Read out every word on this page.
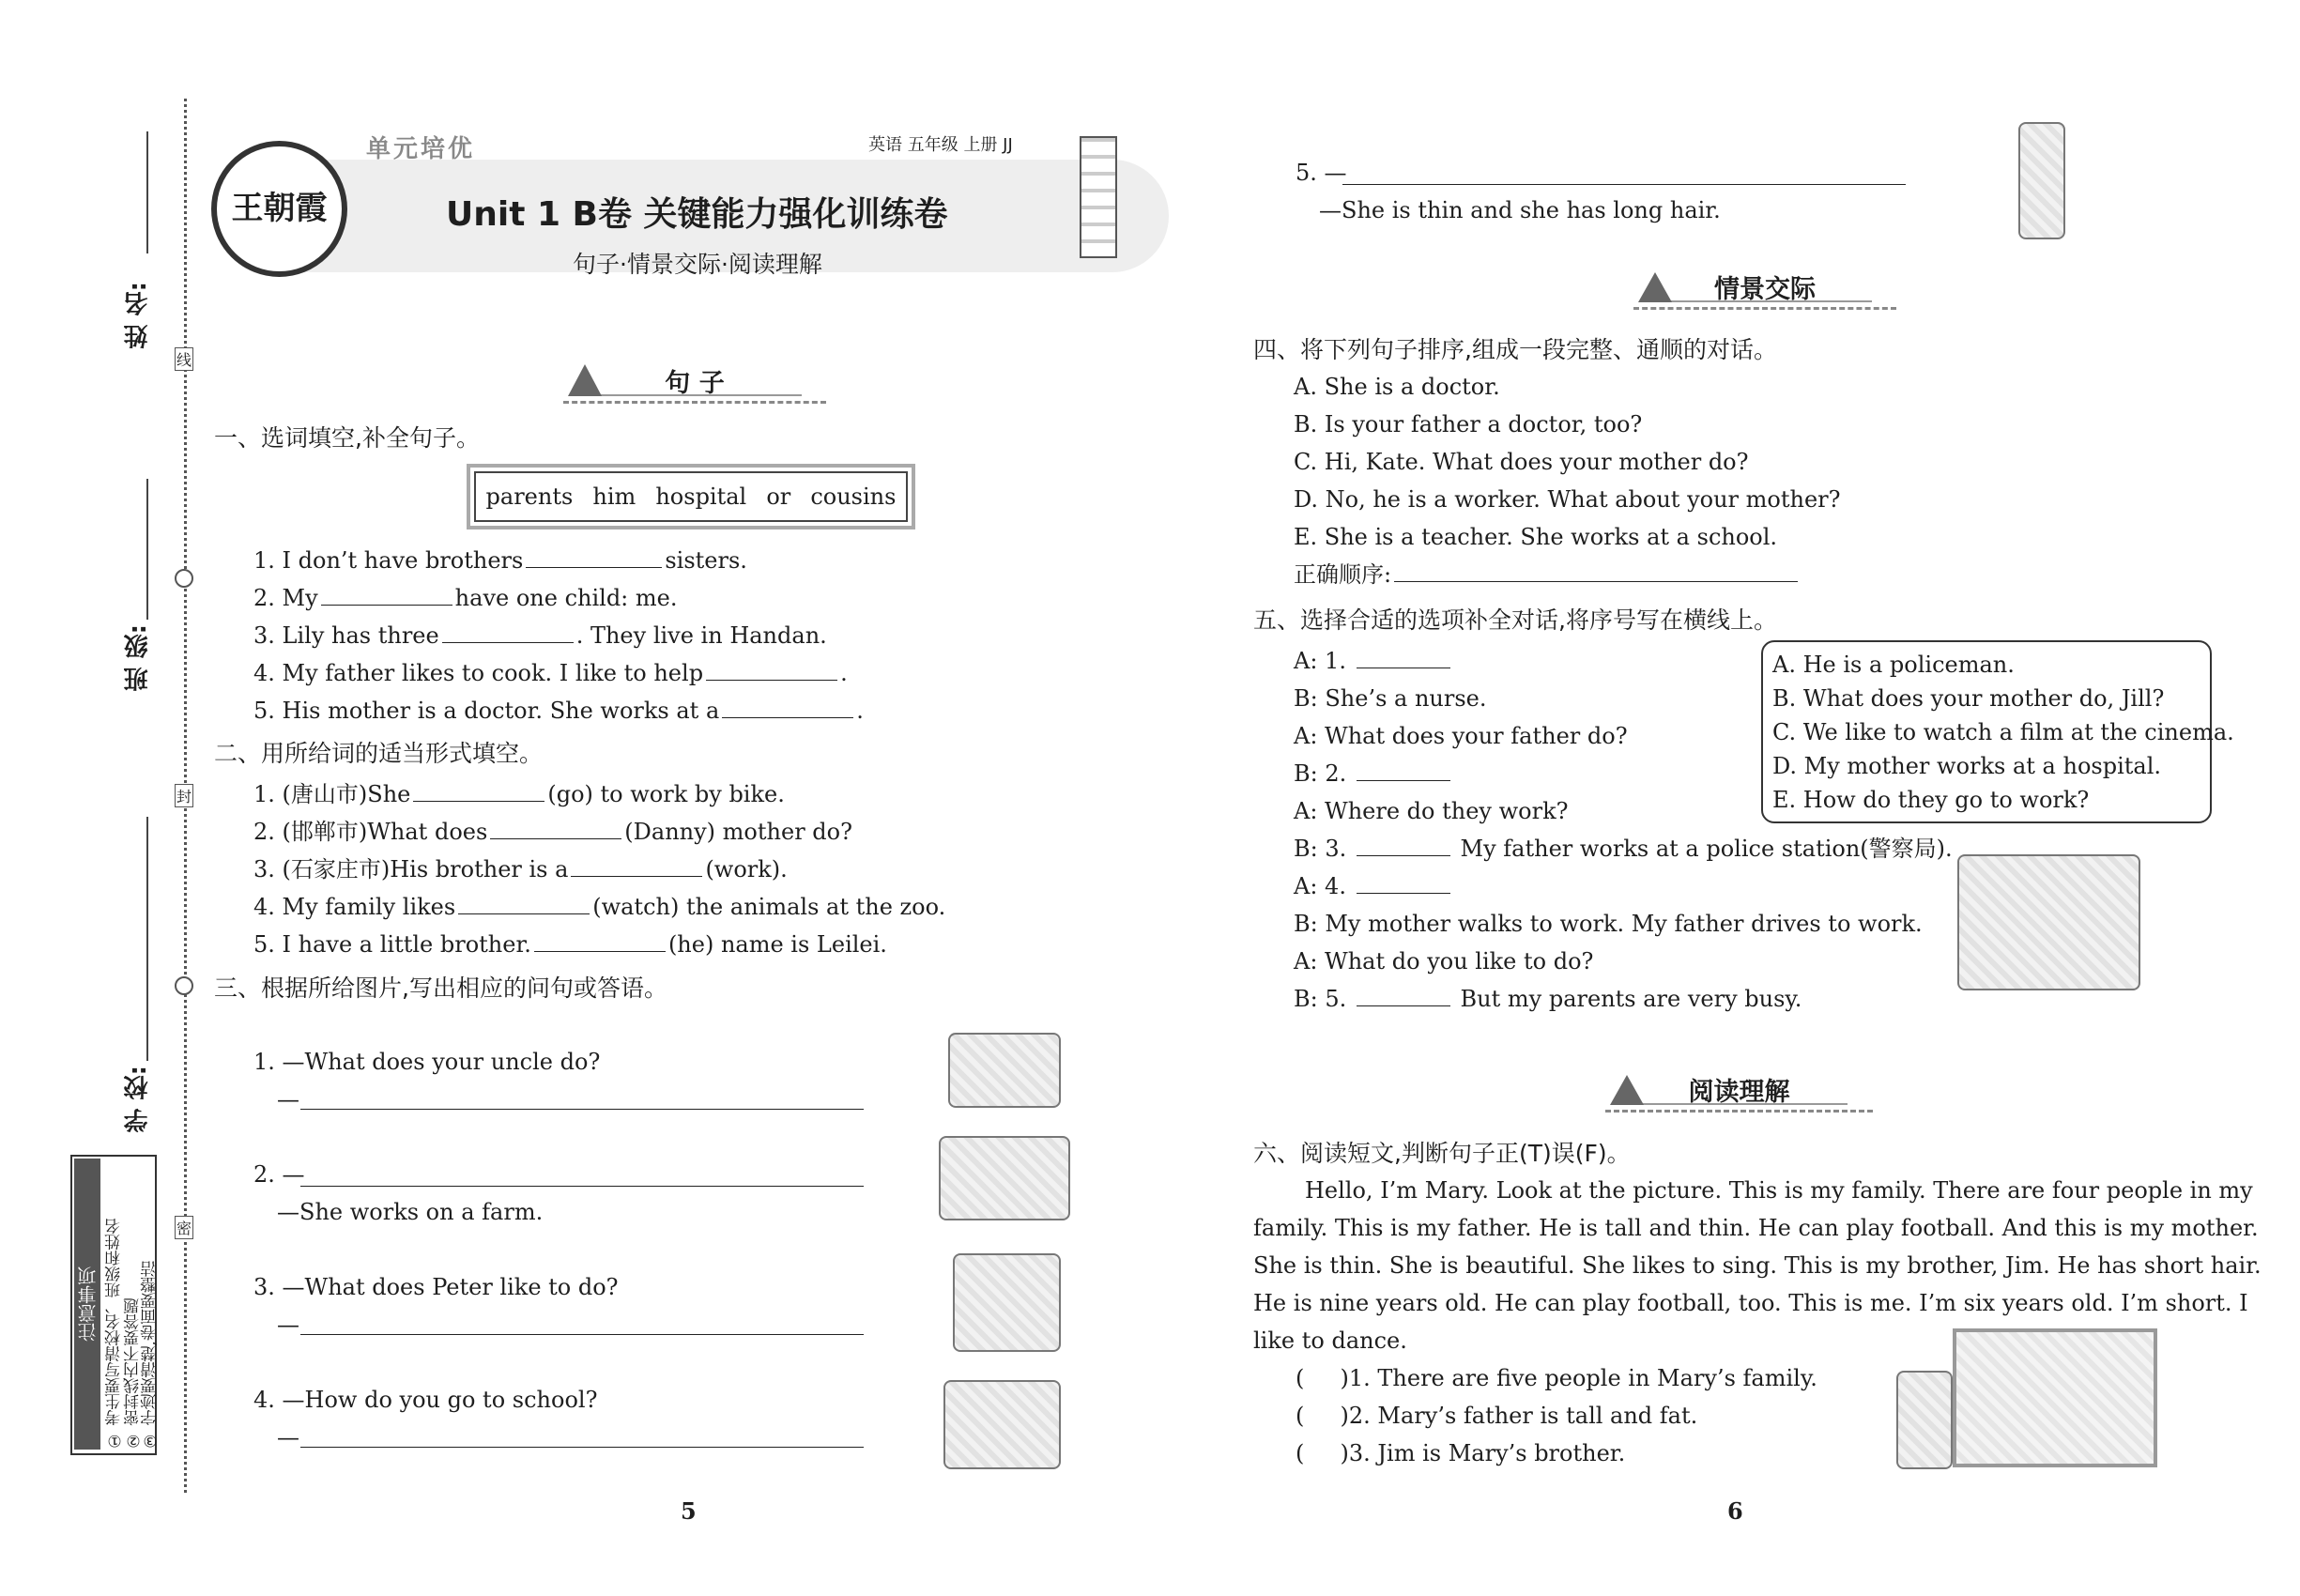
姓 名:
班 级:
学 校:
注意事项 ① 考生要写清校名、班级和姓名 ② 密封线内不要答题
③ 字迹要清楚,卷面要整洁
线
封
密
王朝霞
单元培优	英语 五年级 上册 JJ
Unit 1 B卷 关键能力强化训练卷
句子·情景交际·阅读理解
句 子
一、选词填空,补全句子。
parents him hospital or cousins
1. I don’t have brothers	sisters.
2. My	have one child: me.
3. Lily has three	. They live in Handan.
4. My father likes to cook. I like to help	.
5. His mother is a doctor. She works at a	.
二、用所给词的适当形式填空。
1. (唐山市)She	(go) to work by bike.
2. (邯郸市)What does	(Danny) mother do?
3. (石家庄市)His brother is a	(work).
4. My family likes	(watch) the animals at the zoo.
5. I have a little brother.	(he) name is Leilei.
三、根据所给图片,写出相应的问句或答语。
1. —What does your uncle do?
—
2. —
—She works on a farm.
3. —What does Peter like to do?
—
4. —How do you go to school?
—
5
5. —
—She is thin and she has long hair.
情景交际
四、将下列句子排序,组成一段完整、通顺的对话。
A. She is a doctor.
B. Is your father a doctor, too?
C. Hi, Kate. What does your mother do?
D. No, he is a worker. What about your mother?
E. She is a teacher. She works at a school.
正确顺序:
五、选择合适的选项补全对话,将序号写在横线上。
A: 1.
B: She’s a nurse.
A: What does your father do?
B: 2.
A: Where do they work?
B: 3.	My father works at a police station(警察局).
A: 4.
B: My mother walks to work. My father drives to work.
A: What do you like to do?
B: 5.	But my parents are very busy.
A. He is a policeman.
B. What does your mother do, Jill?
C. We like to watch a film at the cinema.
D. My mother works at a hospital.
E. How do they go to work?
阅读理解
六、阅读短文,判断句子正(T)误(F)。
Hello, I’m Mary. Look at the picture. This is my family. There are four people in my
family. This is my father. He is tall and thin. He can play football. And this is my mother.
She is thin. She is beautiful. She likes to sing. This is my brother, Jim. He has short hair.
He is nine years old. He can play football, too. This is me. I’m six years old. I’m short. I
like to dance.
(     )1. There are five people in Mary’s family.
(     )2. Mary’s father is tall and fat.
(     )3. Jim is Mary’s brother.
6
